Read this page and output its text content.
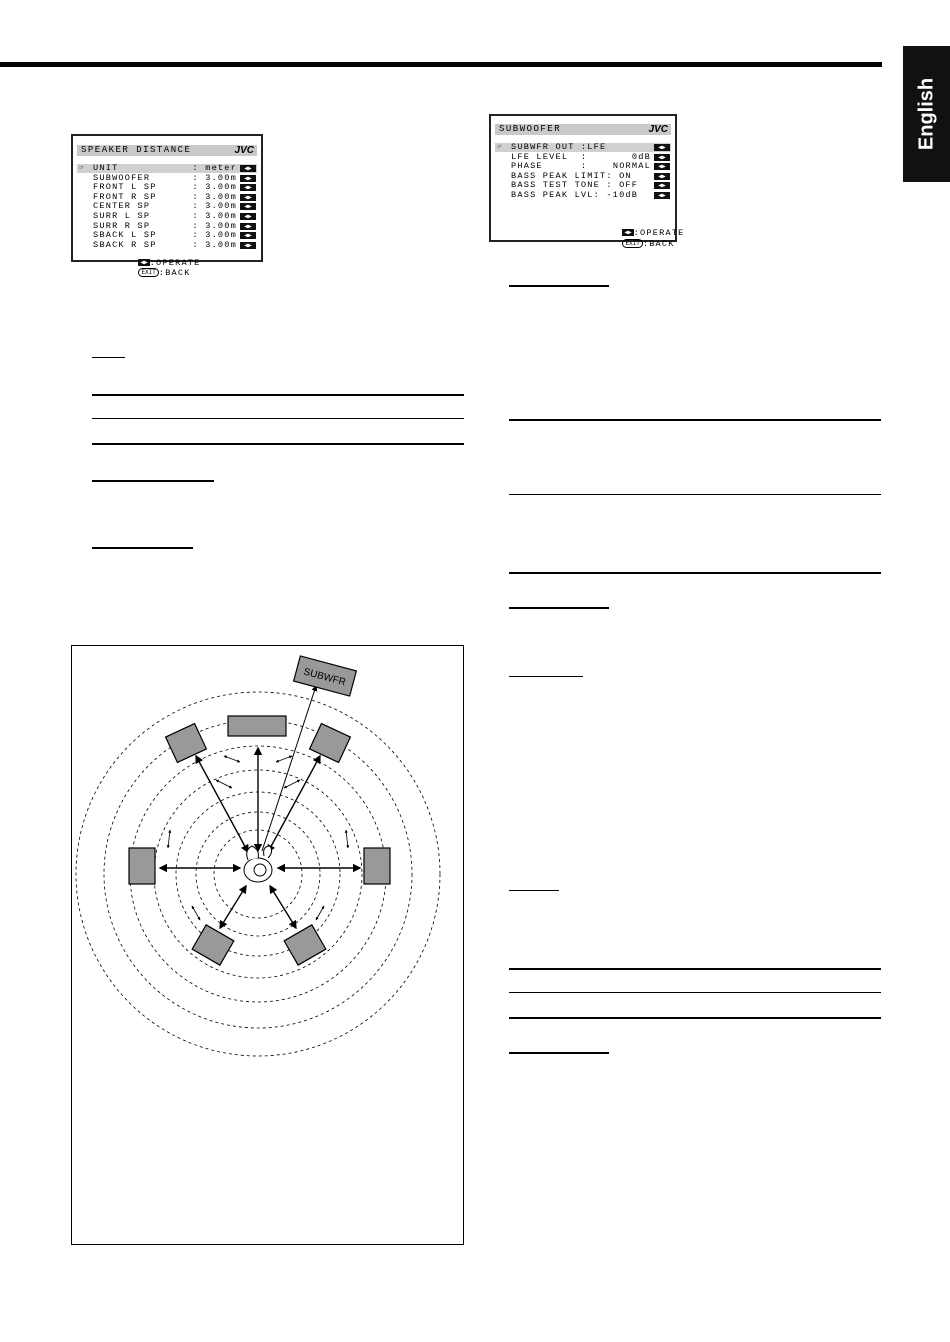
English
SPEAKER DISTANCE	JVC
☞ UNIT	: meter	◀▶
SUBWOOFER	: 3.00m	◀▶
FRONT L SP	: 3.00m	◀▶
FRONT R SP	: 3.00m	◀▶
CENTER SP	: 3.00m	◀▶
SURR L SP	: 3.00m	◀▶
SURR R SP	: 3.00m	◀▶
SBACK L SP	: 3.00m	◀▶
SBACK R SP	: 3.00m	◀▶

◀▶ :OPERATE
EXIT :BACK

SUBWOOFER	JVC
☞ SUBWFR OUT :LFE	◀▶
LFE LEVEL  :	0dB	◀▶
PHASE      :	NORMAL	◀▶
BASS PEAK LIMIT: ON	◀▶
BASS TEST TONE : OFF	◀▶
BASS PEAK LVL: -10dB	◀▶

◀▶ :OPERATE

EXIT :BACK

SUBWFR
